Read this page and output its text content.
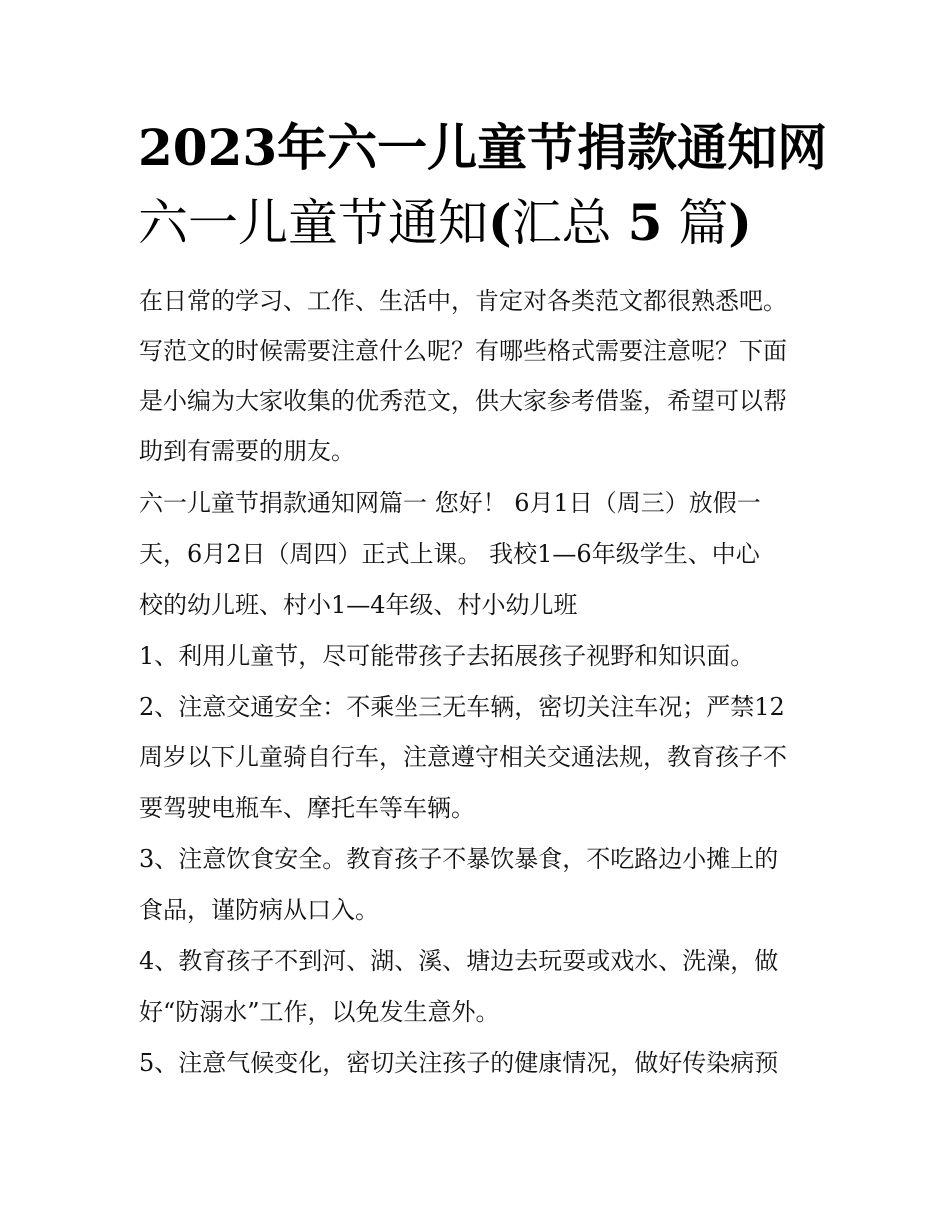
2023年六一儿童节捐款通知网
六一儿童节通知(汇总 5 篇)
在日常的学习、工作、生活中，肯定对各类范文都很熟悉吧。
写范文的时候需要注意什么呢？有哪些格式需要注意呢？下面
是小编为大家收集的优秀范文，供大家参考借鉴，希望可以帮
助到有需要的朋友。
六一儿童节捐款通知网篇一 您好！ 6月1日（周三）放假一
天，6月2日（周四）正式上课。 我校1—6年级学生、中心
校的幼儿班、村小1—4年级、村小幼儿班
1、利用儿童节，尽可能带孩子去拓展孩子视野和知识面。
2、注意交通安全：不乘坐三无车辆，密切关注车况；严禁12
周岁以下儿童骑自行车，注意遵守相关交通法规，教育孩子不
要驾驶电瓶车、摩托车等车辆。
3、注意饮食安全。教育孩子不暴饮暴食，不吃路边小摊上的
食品，谨防病从口入。
4、教育孩子不到河、湖、溪、塘边去玩耍或戏水、洗澡，做
好“防溺水”工作，以免发生意外。
5、注意气候变化，密切关注孩子的健康情况，做好传染病预
